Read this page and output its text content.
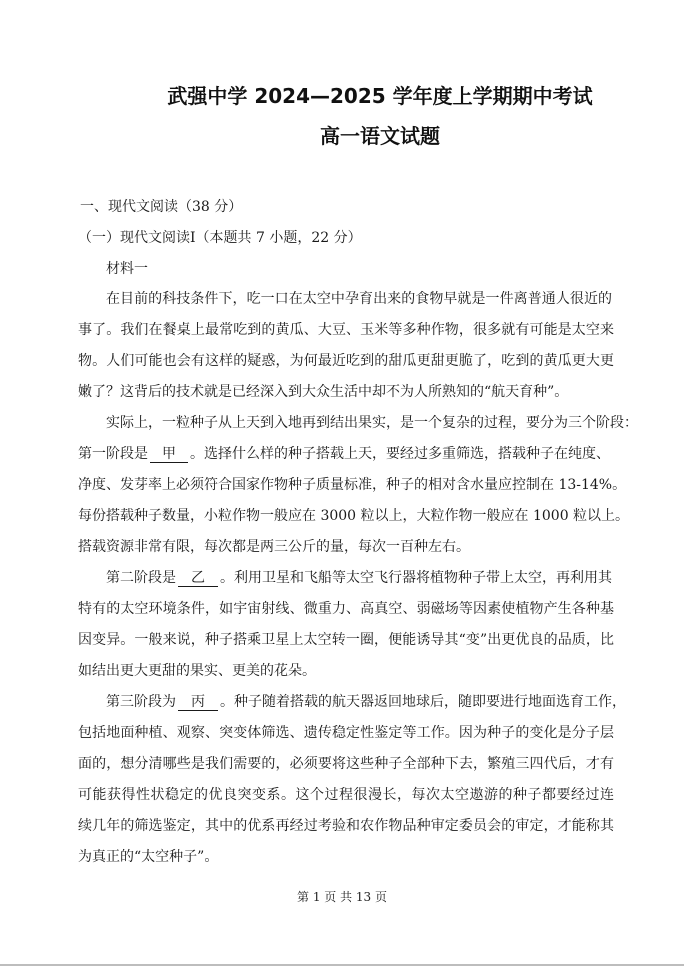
武强中学 2024—2025 学年度上学期期中考试
高一语文试题

一、现代文阅读（38 分）

（一）现代文阅读Ⅰ（本题共 7 小题，22 分）

材料一

在目前的科技条件下，吃一口在太空中孕育出来的食物早就是一件离普通人很近的

事了。我们在餐桌上最常吃到的黄瓜、大豆、玉米等多种作物，很多就有可能是太空来

物。人们可能也会有这样的疑惑，为何最近吃到的甜瓜更甜更脆了，吃到的黄瓜更大更

嫩了？这背后的技术就是已经深入到大众生活中却不为人所熟知的“航天育种”。

实际上，一粒种子从上天到入地再到结出果实，是一个复杂的过程，要分为三个阶段：

第一阶段是 甲 。选择什么样的种子搭载上天，要经过多重筛选，搭载种子在纯度、

净度、发芽率上必须符合国家作物种子质量标准，种子的相对含水量应控制在 13-14%。

每份搭载种子数量，小粒作物一般应在 3000 粒以上，大粒作物一般应在 1000 粒以上。

搭载资源非常有限，每次都是两三公斤的量，每次一百种左右。

第二阶段是 乙 。利用卫星和飞船等太空飞行器将植物种子带上太空，再利用其

特有的太空环境条件，如宇宙射线、微重力、高真空、弱磁场等因素使植物产生各种基

因变异。一般来说，种子搭乘卫星上太空转一圈，便能诱导其“变”出更优良的品质，比

如结出更大更甜的果实、更美的花朵。

第三阶段为 丙 。种子随着搭载的航天器返回地球后，随即要进行地面选育工作，

包括地面种植、观察、突变体筛选、遗传稳定性鉴定等工作。因为种子的变化是分子层

面的，想分清哪些是我们需要的，必须要将这些种子全部种下去，繁殖三四代后，才有

可能获得性状稳定的优良突变系。这个过程很漫长，每次太空遨游的种子都要经过连

续几年的筛选鉴定，其中的优系再经过考验和农作物品种审定委员会的审定，才能称其

为真正的“太空种子”。

第 1 页 共 13 页
